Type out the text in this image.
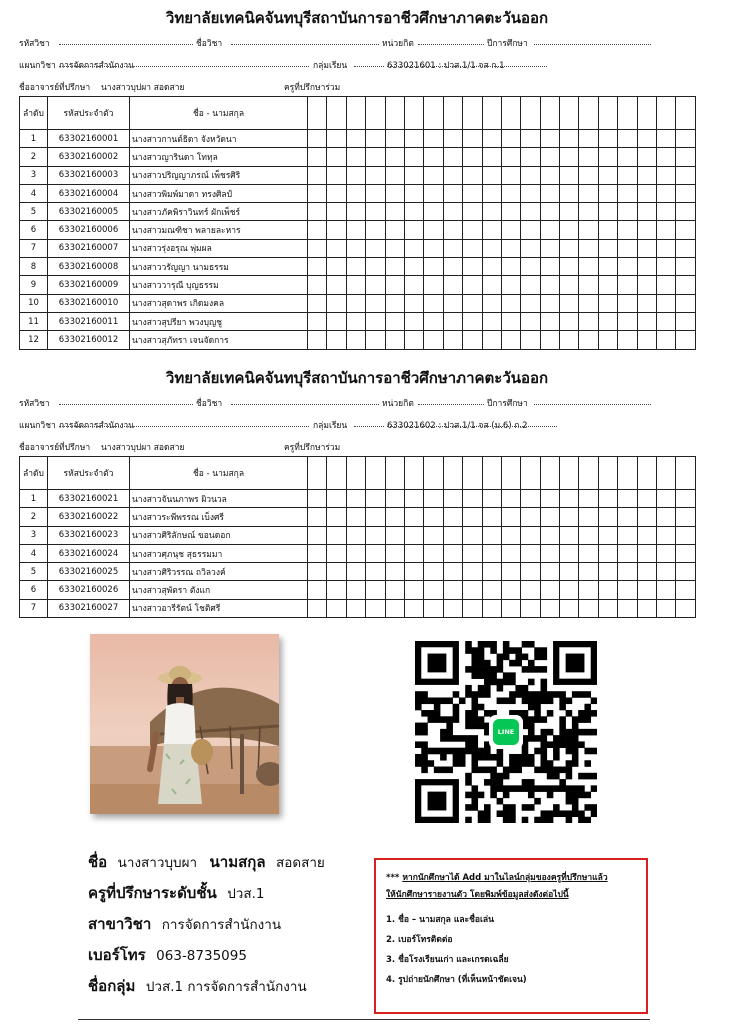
วิทยาลัยเทคนิคจันทบุรีสถาบันการอาชีวศึกษาภาคตะวันออก
รหัสวิชา	ชื่อวิชา	หน่วยกิต	ปีการศึกษา
แผนกวิชา การจัดการสำนักงาน	กลุ่มเรียน	633021601 : ปวส.1/1 จส ก.1
ชื่ออาจารย์ที่ปรึกษา นางสาวบุปผา สอดสาย	ครูที่ปรึกษาร่วม
ลำดับ	รหัสประจำตัว	ชื่อ - นามสกุล																				
1	63302160001	นางสาวกานต์ธิดา จังหวัดนา																				
2	63302160002	นางสาวญารินดา โททุล																				
3	63302160003	นางสาวปริญญาภรณ์ เพ็ชรศิริ																				
4	63302160004	นางสาวพิมพ์มาดา ทรงศิลป์																				
5	63302160005	นางสาวภัคพิราวินทร์ ผักเพ็ชร์																				
6	63302160006	นางสาวมณฑิชา พลายละหาร																				
7	63302160007	นางสาวรุ่งอรุณ พุ่มผล																				
8	63302160008	นางสาววรัญญา นามธรรม																				
9	63302160009	นางสาววารุณี บุญธรรม																				
10	63302160010	นางสาวสุดาพร เกิดมงคล																				
11	63302160011	นางสาวสุปรียา พวงบุญชู																				
12	63302160012	นางสาวสุภัทรา เจนจัดการ																				
วิทยาลัยเทคนิคจันทบุรีสถาบันการอาชีวศึกษาภาคตะวันออก
รหัสวิชา	ชื่อวิชา	หน่วยกิต	ปีการศึกษา
แผนกวิชา การจัดการสำนักงาน	กลุ่มเรียน	633021602 : ปวส.1/1 จส (ม.6) ก.2
ชื่ออาจารย์ที่ปรึกษา นางสาวบุปผา สอดสาย	ครูที่ปรึกษาร่วม
ลำดับ	รหัสประจำตัว	ชื่อ - นามสกุล																				
1	63302160021	นางสาวจันนภาพร ผิวนวล																				
2	63302160022	นางสาวระพีพรรณ เบ็งศรี																				
3	63302160023	นางสาวศิริลักษณ์ ขอนดอก																				
4	63302160024	นางสาวศุภนุช สุธรรมมา																				
5	63302160025	นางสาวศิริวรรณ ถวิลวงค์																				
6	63302160026	นางสาวสุพัตรา ตังแก																				
7	63302160027	นางสาวอารีรัตน์ โชติศรี																				
LINE
ชื่อ นางสาวบุบผา นามสกุล สอดสาย
ครูที่ปรึกษาระดับชั้น ปวส.1
สาขาวิชา การจัดการสำนักงาน
เบอร์โทร 063-8735095
ชื่อกลุ่ม ปวส.1 การจัดการสำนักงาน
*** หากนักศึกษาได้ Add มาในไลน์กลุ่มของครูที่ปรึกษาแล้ว
ให้นักศึกษารายงานตัว โดยพิมพ์ข้อมูลส่งดังต่อไปนี้
1. ชื่อ – นามสกุล และชื่อเล่น
2. เบอร์โทรติดต่อ
3. ชื่อโรงเรียนเก่า และเกรดเฉลี่ย
4. รูปถ่ายนักศึกษา (ที่เห็นหน้าชัดเจน)
